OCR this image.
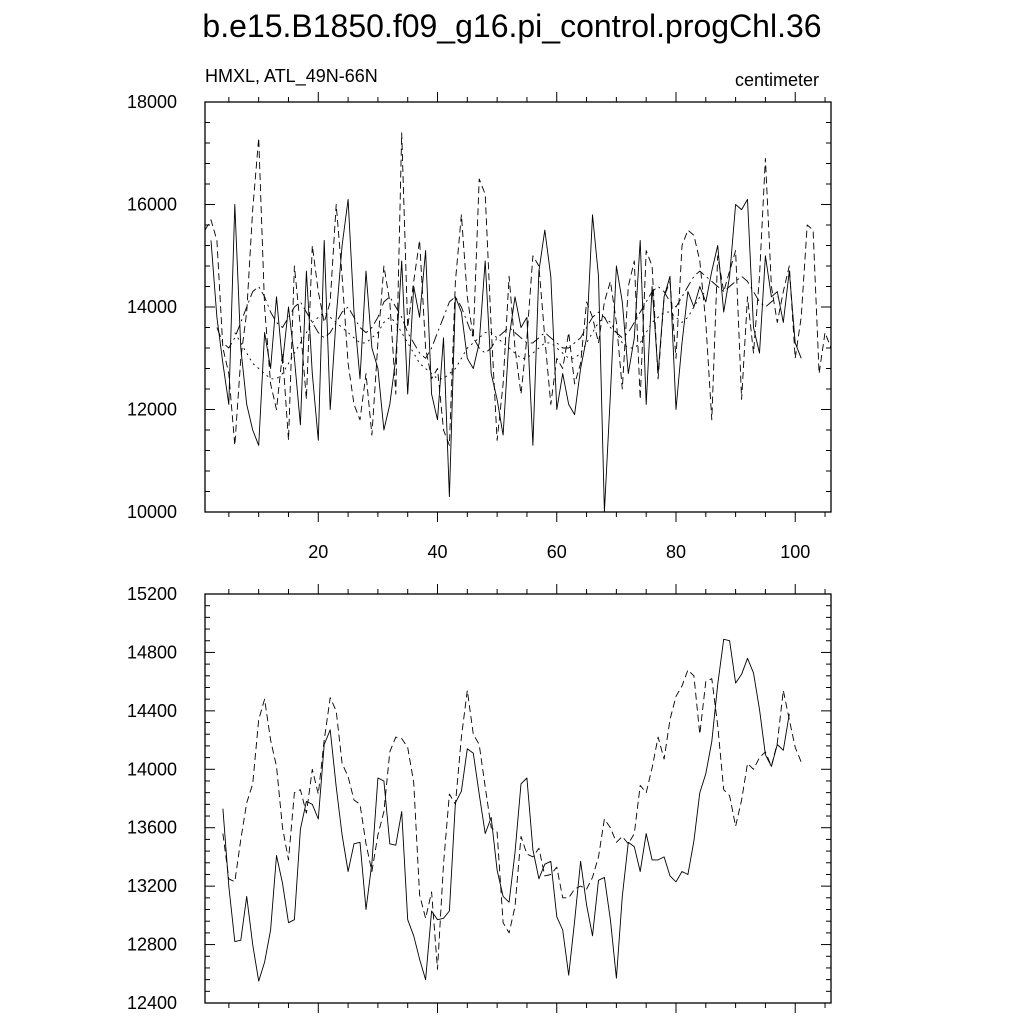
b.e15.B1850.f09_g16.pi_control.progChl.36
HMXL, ATL_49N-66N	centimeter
10000
12000
14000
16000
18000
20	40	60	80	100
12400
12800
13200
13600
14000
14400
14800
15200
